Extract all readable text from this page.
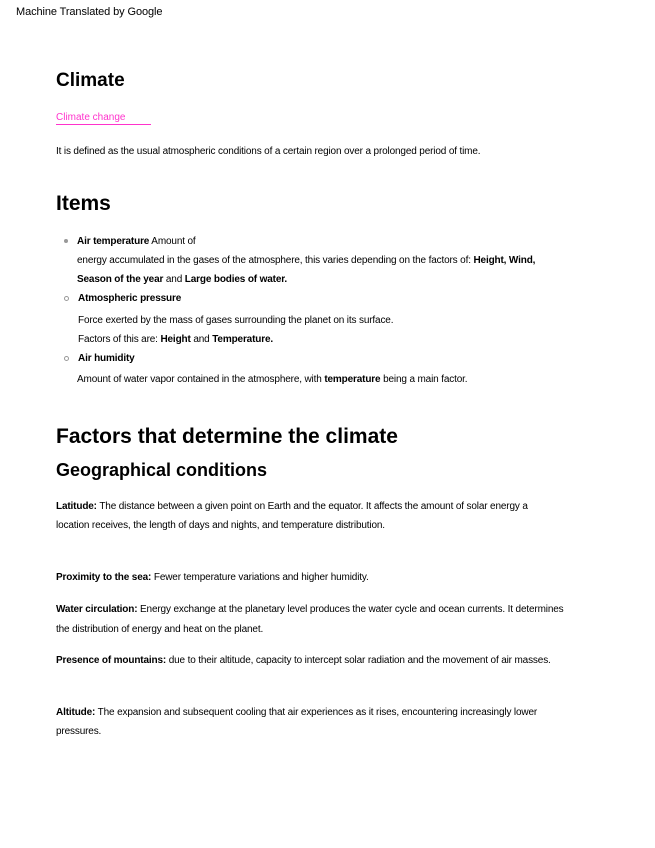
Machine Translated by Google
Climate
Climate change
It is defined as the usual atmospheric conditions of a certain region over a prolonged period of time.
Items
Air temperature Amount of
energy accumulated in the gases of the atmosphere, this varies depending on the factors of: Height, Wind,
Season of the year and Large bodies of water.
Atmospheric pressure
Force exerted by the mass of gases surrounding the planet on its surface.
Factors of this are: Height and Temperature.
Air humidity
Amount of water vapor contained in the atmosphere, with temperature being a main factor.
Factors that determine the climate
Geographical conditions
Latitude: The distance between a given point on Earth and the equator. It affects the amount of solar energy a
location receives, the length of days and nights, and temperature distribution.
Proximity to the sea: Fewer temperature variations and higher humidity.
Water circulation: Energy exchange at the planetary level produces the water cycle and ocean currents. It determines
the distribution of energy and heat on the planet.
Presence of mountains: due to their altitude, capacity to intercept solar radiation and the movement of air masses.
Altitude: The expansion and subsequent cooling that air experiences as it rises, encountering increasingly lower
pressures.
